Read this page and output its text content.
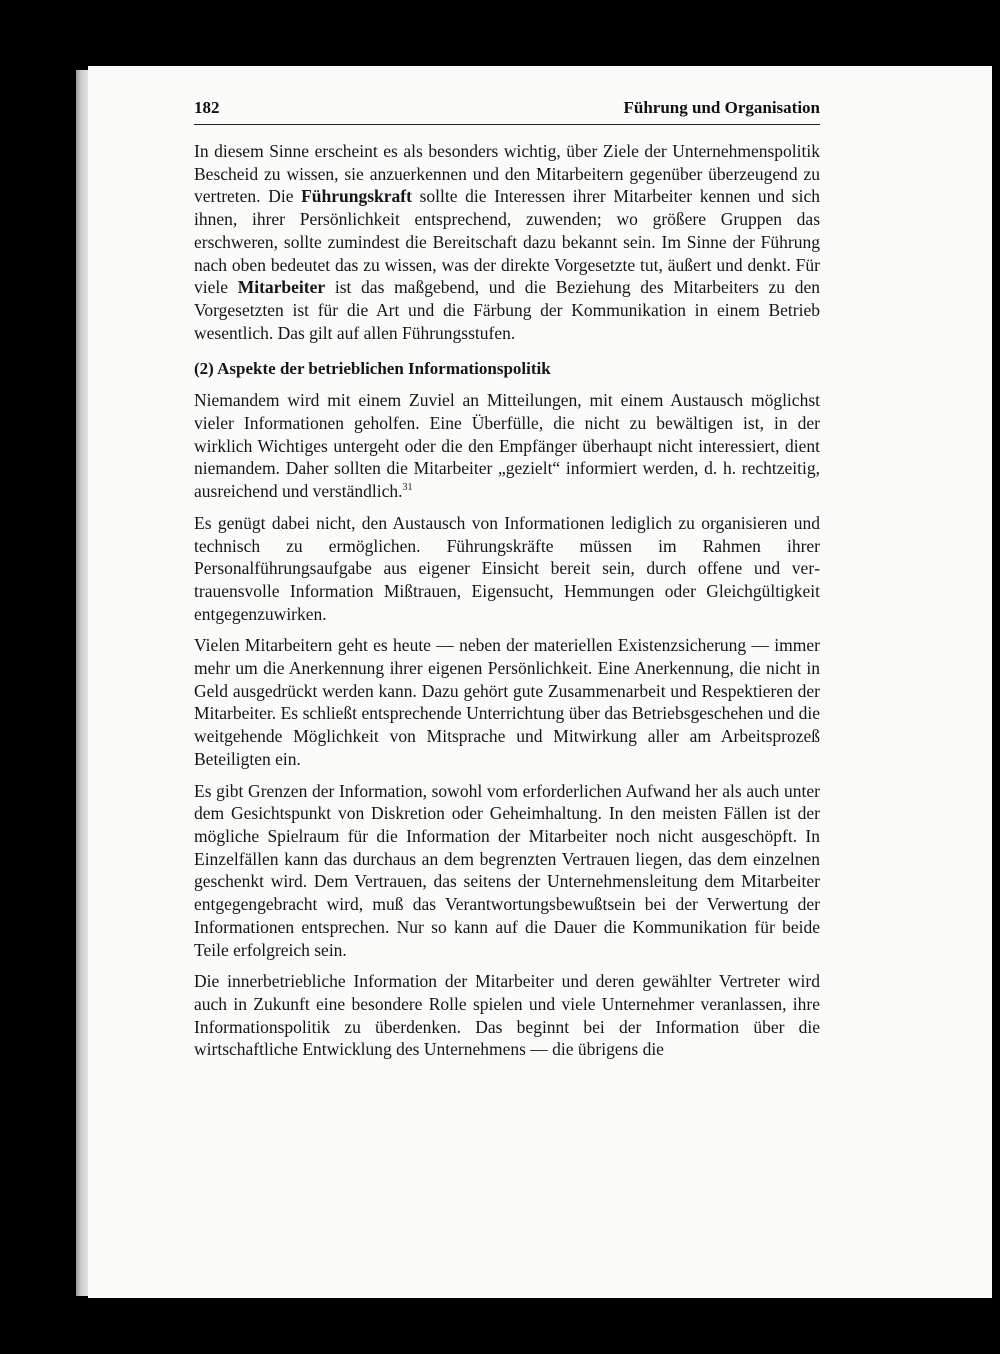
182	Führung und Organisation

In diesem Sinne erscheint es als besonders wichtig, über Ziele der Unternehmenspolitik Bescheid zu wissen, sie anzuerkennen und den Mitarbeitern gegenüber überzeugend zu vertreten. Die Führungskraft sollte die Interessen ihrer Mitarbeiter kennen und sich ihnen, ihrer Persönlichkeit entsprechend, zuwenden; wo größere Gruppen das erschweren, sollte zumindest die Bereitschaft dazu bekannt sein. Im Sinne der Führung nach oben bedeutet das zu wissen, was der direkte Vorgesetzte tut, äußert und denkt. Für viele Mitarbeiter ist das maßgebend, und die Beziehung des Mitarbeiters zu den Vorgesetzten ist für die Art und die Färbung der Kommunikation in einem Betrieb wesentlich. Das gilt auf allen Führungsstufen.

(2) Aspekte der betrieblichen Informationspolitik

Niemandem wird mit einem Zuviel an Mitteilungen, mit einem Austausch möglichst vieler Informationen geholfen. Eine Überfülle, die nicht zu bewältigen ist, in der wirklich Wichtiges untergeht oder die den Empfänger überhaupt nicht interessiert, dient niemandem. Daher sollten die Mitarbeiter „gezielt“ informiert werden, d. h. rechtzeitig, ausreichend und verständlich.$^{31}$

Es genügt dabei nicht, den Austausch von Informationen lediglich zu organisieren und technisch zu ermöglichen. Führungskräfte müssen im Rahmen ihrer Personalführungsaufgabe aus eigener Einsicht bereit sein, durch offene und vertrauensvolle Information Mißtrauen, Eigensucht, Hemmungen oder Gleichgültigkeit entgegenzuwirken.

Vielen Mitarbeitern geht es heute — neben der materiellen Existenzsicherung — immer mehr um die Anerkennung ihrer eigenen Persönlichkeit. Eine Anerkennung, die nicht in Geld ausgedrückt werden kann. Dazu gehört gute Zusammenarbeit und Respektieren der Mitarbeiter. Es schließt entsprechende Unterrichtung über das Betriebsgeschehen und die weitgehende Möglichkeit von Mitsprache und Mitwirkung aller am Arbeitsprozeß Beteiligten ein.

Es gibt Grenzen der Information, sowohl vom erforderlichen Aufwand her als auch unter dem Gesichtspunkt von Diskretion oder Geheimhaltung. In den meisten Fällen ist der mögliche Spielraum für die Information der Mitarbeiter noch nicht ausgeschöpft. In Einzelfällen kann das durchaus an dem begrenzten Vertrauen liegen, das dem einzelnen geschenkt wird. Dem Vertrauen, das seitens der Unternehmensleitung dem Mitarbeiter entgegengebracht wird, muß das Verantwortungsbewußtsein bei der Verwertung der Informationen entsprechen. Nur so kann auf die Dauer die Kommunikation für beide Teile erfolgreich sein.

Die innerbetriebliche Information der Mitarbeiter und deren gewählter Vertreter wird auch in Zukunft eine besondere Rolle spielen und viele Unternehmer veranlassen, ihre Informationspolitik zu überdenken. Das beginnt bei der Information über die wirtschaftliche Entwicklung des Unternehmens — die übrigens die
